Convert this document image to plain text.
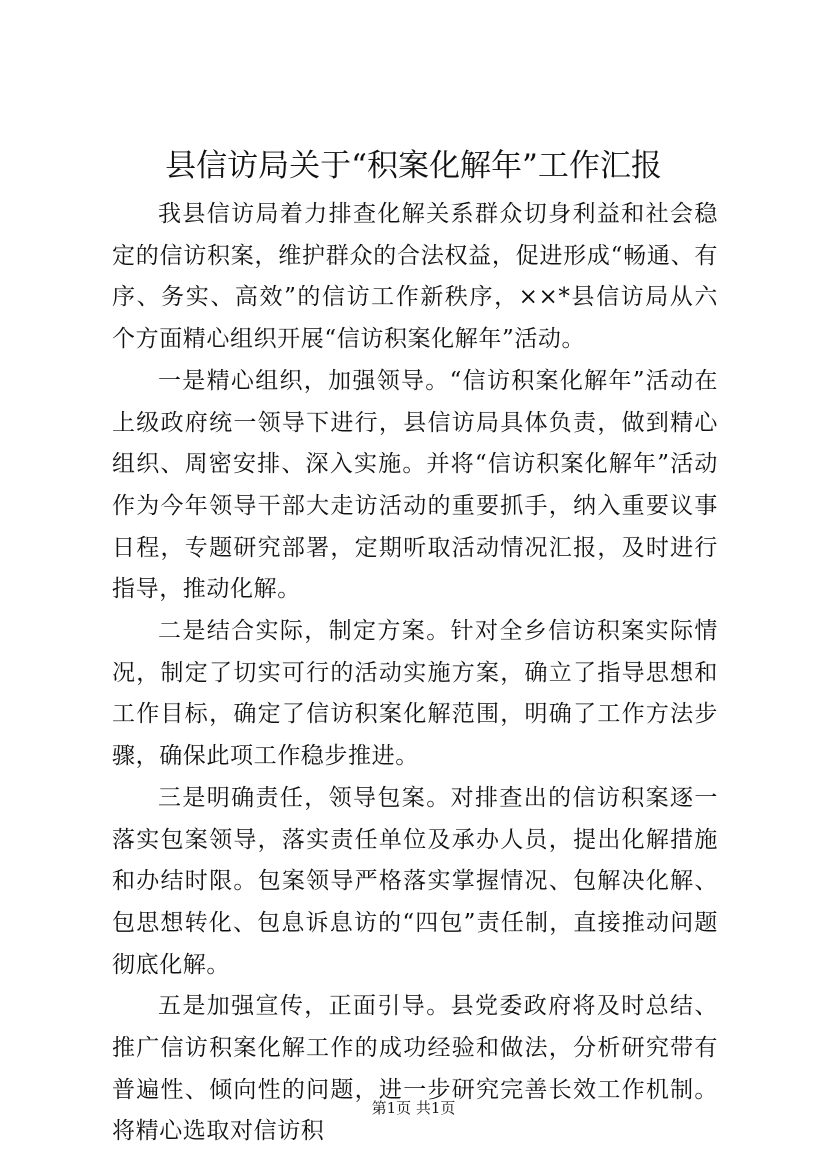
县信访局关于“积案化解年”工作汇报

我县信访局着力排查化解关系群众切身利益和社会稳定的信访积案，维护群众的合法权益，促进形成“畅通、有序、务实、高效”的信访工作新秩序，××*县信访局从六个方面精心组织开展“信访积案化解年”活动。

一是精心组织，加强领导。“信访积案化解年”活动在上级政府统一领导下进行，县信访局具体负责，做到精心组织、周密安排、深入实施。并将“信访积案化解年”活动作为今年领导干部大走访活动的重要抓手，纳入重要议事日程，专题研究部署，定期听取活动情况汇报，及时进行指导，推动化解。

二是结合实际，制定方案。针对全乡信访积案实际情况，制定了切实可行的活动实施方案，确立了指导思想和工作目标，确定了信访积案化解范围，明确了工作方法步骤，确保此项工作稳步推进。

三是明确责任，领导包案。对排查出的信访积案逐一落实包案领导，落实责任单位及承办人员，提出化解措施和办结时限。包案领导严格落实掌握情况、包解决化解、包思想转化、包息诉息访的“四包”责任制，直接推动问题彻底化解。

五是加强宣传，正面引导。县党委政府将及时总结、推广信访积案化解工作的成功经验和做法，分析研究带有普遍性、倾向性的问题，进一步研究完善长效工作机制。将精心选取对信访积

第1页 共1页
